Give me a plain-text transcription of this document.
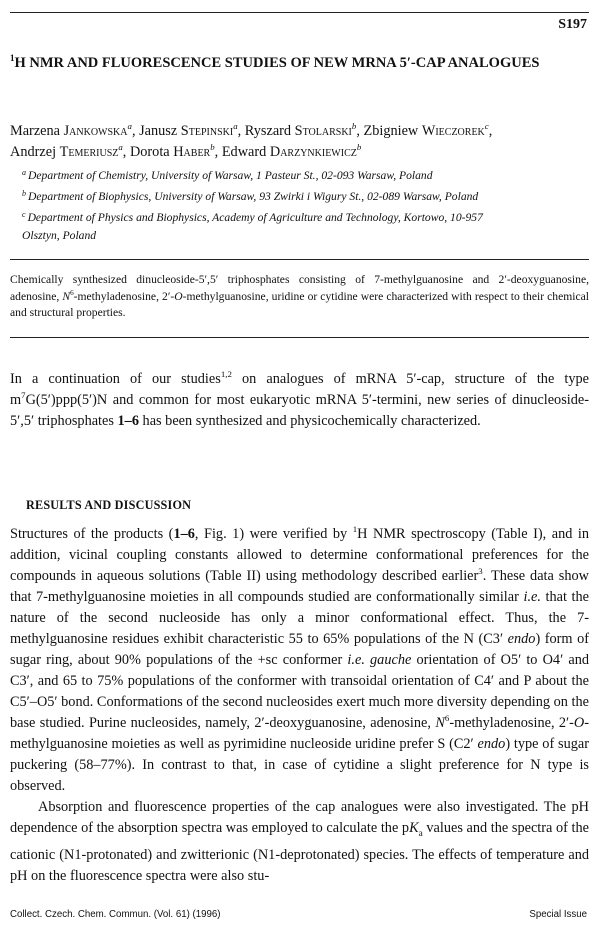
S197
$^1$H NMR AND FLUORESCENCE STUDIES OF NEW MRNA 5′-CAP ANALOGUES
Marzena Jankowska$^a$, Janusz Stepinski$^a$, Ryszard Stolarski$^b$, Zbigniew Wieczorek$^c$,
Andrzej Temeriusz$^a$, Dorota Haber$^b$, Edward Darzynkiewicz$^b$
$^a$ Department of Chemistry, University of Warsaw, 1 Pasteur St., 02-093 Warsaw, Poland
$^b$ Department of Biophysics, University of Warsaw, 93 Zwirki i Wigury St., 02-089 Warsaw, Poland
$^c$ Department of Physics and Biophysics, Academy of Agriculture and Technology, Kortowo, 10-957
Olsztyn, Poland
Chemically synthesized dinucleoside-5′,5′ triphosphates consisting of 7-methylguanosine and 2′-deoxyguanosine, adenosine, $N^6$-methyladenosine, 2′-O-methylguanosine, uridine or cytidine were characterized with respect to their chemical and structural properties.
In a continuation of our studies$^{1,2}$ on analogues of mRNA 5′-cap, structure of the type $m^7G(5')ppp(5')N$ and common for most eukaryotic mRNA 5′-termini, new series of dinucleoside-5′,5′ triphosphates 1–6 has been synthesized and physicochemically characterized.
RESULTS AND DISCUSSION
Structures of the products (1–6, Fig. 1) were verified by $^1$H NMR spectroscopy (Table I), and in addition, vicinal coupling constants allowed to determine conformational preferences for the compounds in aqueous solutions (Table II) using methodology described earlier$^3$. These data show that 7-methylguanosine moieties in all compounds studied are conformationally similar i.e. that the nature of the second nucleoside has only a minor conformational effect. Thus, the 7-methylguanosine residues exhibit characteristic 55 to 65% populations of the N (C3′ endo) form of sugar ring, about 90% populations of the +sc conformer i.e. gauche orientation of O5′ to O4′ and C3′, and 65 to 75% populations of the conformer with transoidal orientation of C4′ and P about the C5′–O5′ bond. Conformations of the second nucleosides exert much more diversity depending on the base studied. Purine nucleosides, namely, 2′-deoxyguanosine, adenosine, $N^6$-methyladenosine, 2′-O-methylguanosine moieties as well as pyrimidine nucleoside uridine prefer S (C2′ endo) type of sugar puckering (58–77%). In contrast to that, in case of cytidine a slight preference for N type is observed.
Absorption and fluorescence properties of the cap analogues were also investigated. The pH dependence of the absorption spectra was employed to calculate the $pK_a$ values and the spectra of the cationic (N1-protonated) and zwitterionic (N1-deprotonated) species. The effects of temperature and pH on the fluorescence spectra were also stu-
Collect. Czech. Chem. Commun. (Vol. 61) (1996)	Special Issue
